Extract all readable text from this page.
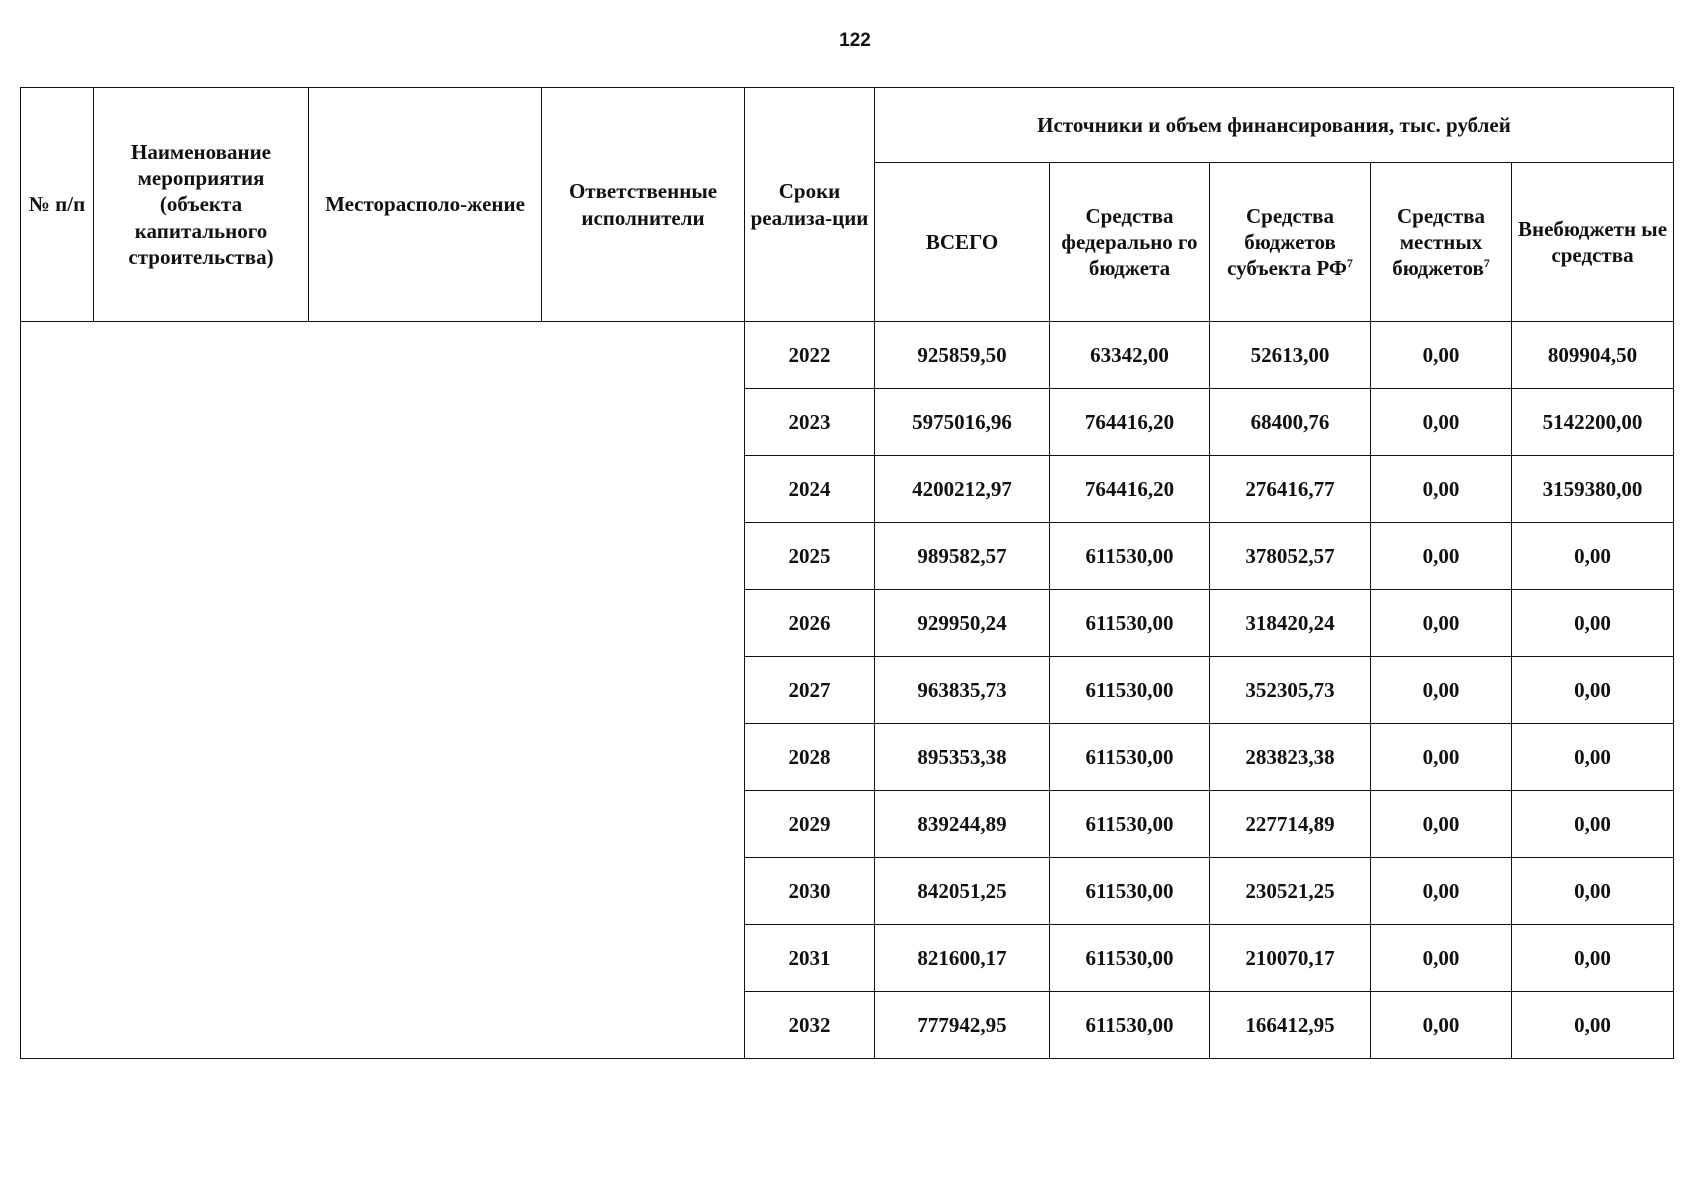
122
№ п/п	Наименование мероприятия (объекта капитального строительства)	Месторасполо-жение	Ответственные исполнители	Сроки реализа-ции	Источники и объем финансирования, тыс. рублей				
					ВСЕГО	Средства федерально го бюджета	Средства бюджетов субъекта $РФ^7$	Средства местных бюджетов$^7$	Внебюджетн ые средства
				2022	925859,50	63342,00	52613,00	0,00	809904,50
				2023	5975016,96	764416,20	68400,76	0,00	5142200,00
				2024	4200212,97	764416,20	276416,77	0,00	3159380,00
				2025	989582,57	611530,00	378052,57	0,00	0,00
				2026	929950,24	611530,00	318420,24	0,00	0,00
				2027	963835,73	611530,00	352305,73	0,00	0,00
				2028	895353,38	611530,00	283823,38	0,00	0,00
				2029	839244,89	611530,00	227714,89	0,00	0,00
				2030	842051,25	611530,00	230521,25	0,00	0,00
				2031	821600,17	611530,00	210070,17	0,00	0,00
				2032	777942,95	611530,00	166412,95	0,00	0,00
